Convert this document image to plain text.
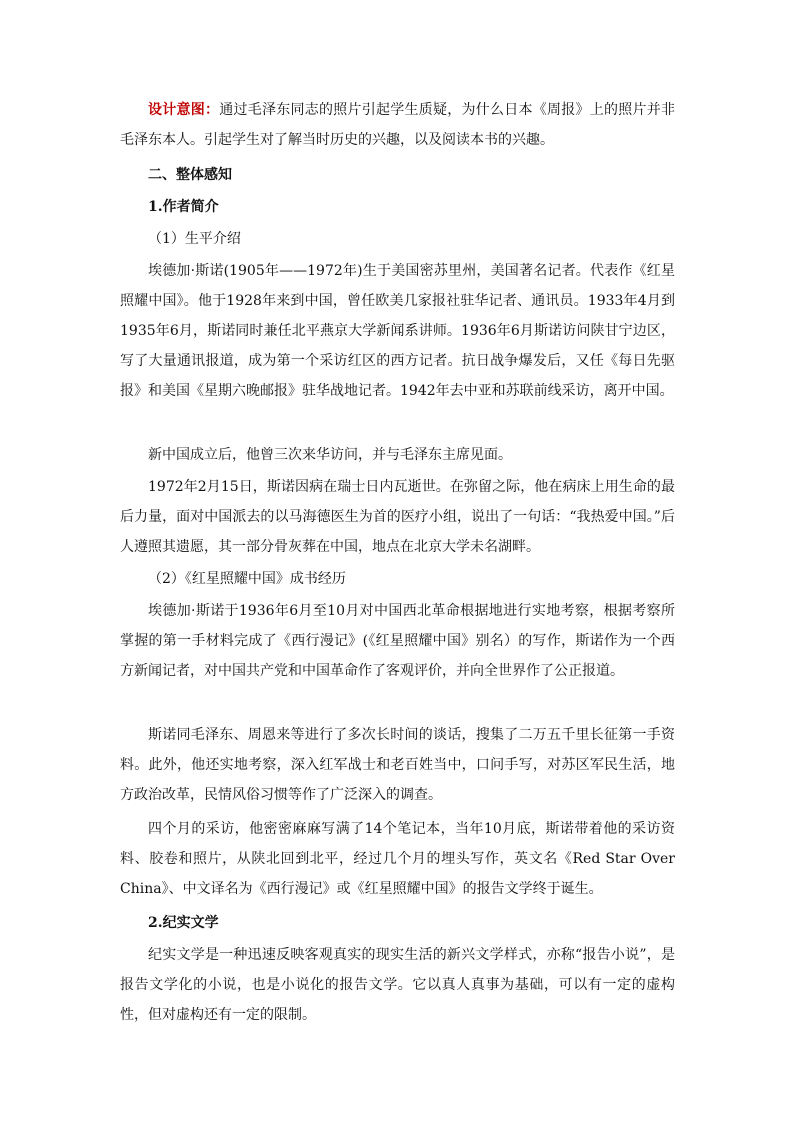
设计意图：通过毛泽东同志的照片引起学生质疑，为什么日本《周报》上的照片并非毛泽东本人。引起学生对了解当时历史的兴趣，以及阅读本书的兴趣。

二、整体感知

1.作者简介

（1）生平介绍

埃德加·斯诺(1905年——1972年)生于美国密苏里州，美国著名记者。代表作《红星照耀中国》。他于1928年来到中国，曾任欧美几家报社驻华记者、通讯员。1933年4月到1935年6月，斯诺同时兼任北平燕京大学新闻系讲师。1936年6月斯诺访问陕甘宁边区，写了大量通讯报道，成为第一个采访红区的西方记者。抗日战争爆发后，又任《每日先驱报》和美国《星期六晚邮报》驻华战地记者。1942年去中亚和苏联前线采访，离开中国。

新中国成立后，他曾三次来华访问，并与毛泽东主席见面。

1972年2月15日，斯诺因病在瑞士日内瓦逝世。在弥留之际，他在病床上用生命的最后力量，面对中国派去的以马海德医生为首的医疗小组，说出了一句话：“我热爱中国。”后人遵照其遗愿，其一部分骨灰葬在中国，地点在北京大学未名湖畔。

（2）《红星照耀中国》成书经历

埃德加·斯诺于1936年6月至10月对中国西北革命根据地进行实地考察，根据考察所掌握的第一手材料完成了《西行漫记》(《红星照耀中国》别名）的写作，斯诺作为一个西方新闻记者，对中国共产党和中国革命作了客观评价，并向全世界作了公正报道。

斯诺同毛泽东、周恩来等进行了多次长时间的谈话，搜集了二万五千里长征第一手资料。此外，他还实地考察，深入红军战士和老百姓当中，口问手写，对苏区军民生活，地方政治改革，民情风俗习惯等作了广泛深入的调查。

四个月的采访，他密密麻麻写满了14个笔记本，当年10月底，斯诺带着他的采访资料、胶卷和照片，从陕北回到北平，经过几个月的埋头写作，英文名《Red Star Over China》、中文译名为《西行漫记》或《红星照耀中国》的报告文学终于诞生。

2.纪实文学

纪实文学是一种迅速反映客观真实的现实生活的新兴文学样式，亦称“报告小说”，是报告文学化的小说，也是小说化的报告文学。它以真人真事为基础，可以有一定的虚构性，但对虚构还有一定的限制。
